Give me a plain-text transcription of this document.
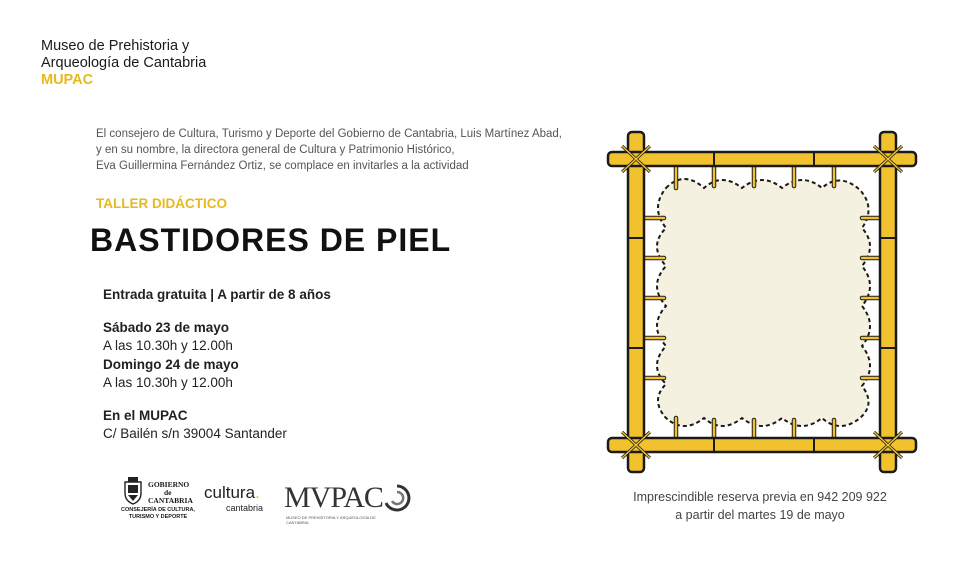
Museo de Prehistoria y
Arqueología de Cantabria
MUPAC
El consejero de Cultura, Turismo y Deporte del Gobierno de Cantabria, Luis Martínez Abad,
y en su nombre, la directora general de Cultura y Patrimonio Histórico,
Eva Guillermina Fernández Ortiz, se complace en invitarles a la actividad
TALLER DIDÁCTICO
BASTIDORES DE PIEL
Entrada gratuita | A partir de 8 años
Sábado 23 de mayo
A las 10.30h y 12.00h
Domingo 24 de mayo
A las 10.30h y 12.00h
En el MUPAC
C/ Bailén s/n 39004 Santander
GOBIERNO
de
CANTABRIA
CONSEJERÍA DE CULTURA,
TURISMO Y DEPORTE
cultura.
cantabria MVPAC
MUSEO DE PREHISTORIA Y ARQUEOLOGÍA DE CANTABRIA
Imprescindible reserva previa en 942 209 922
a partir del martes 19 de mayo
